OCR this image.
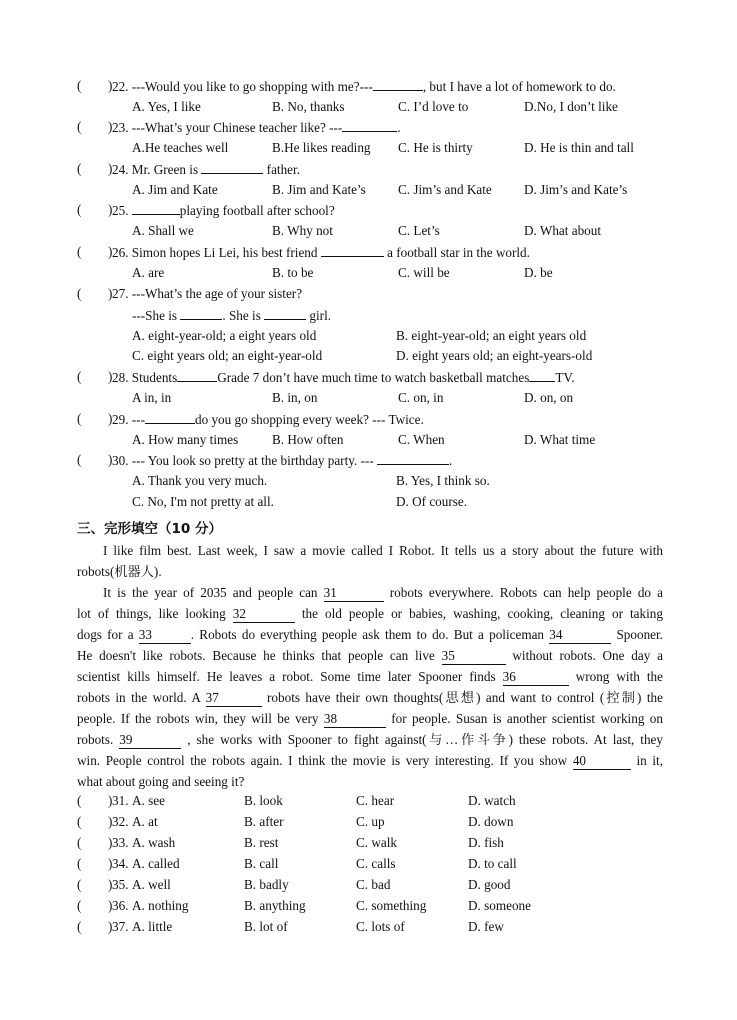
( ) 22. ---Would you like to go shopping with me?---	, but I have a lot of homework to do.
A. Yes, I like	B. No, thanks	C. I’d love to	D.No, I don’t like
( ) 23. ---What’s your Chinese teacher like? ---	.
A.He teaches well	B.He likes reading C. He is thirty	D. He is thin and tall
( ) 24. Mr. Green is	father.
A. Jim and Kate	B. Jim and Kate’s C. Jim’s and Kate D. Jim’s and Kate’s
( ) 25.	playing football after school?
A. Shall we	B. Why not	C. Let’s	D. What about
( ) 26. Simon hopes Li Lei, his best friend	a football star in the world.
A. are	B. to be	C. will be	D. be
( ) 27. ---What’s the age of your sister?
---She is	. She is	girl.
A. eight-year-old; a eight years old	B. eight-year-old; an eight years old
C. eight years old; an eight-year-old	D. eight years old; an eight-years-old
( ) 28. Students	Grade 7 don’t have much time to watch basketball matches TV.
A in, in	B. in, on	C. on, in	D. on, on
( ) 29. ---	do you go shopping every week? --- Twice.
A. How many times	B. How often	C. When	D. What time
( ) 30. --- You look so pretty at the birthday party. ---	.
A. Thank you very much.	B. Yes, I think so.
C. No, I'm not pretty at all.	D. Of course.
三、完形填空（10 分）
I like film best. Last week, I saw a movie called I Robot. It tells us a story about the future with
robots(机器人).
It is the year of 2035 and people can 31	robots everywhere. Robots can help people do a
lot of things, like looking 32	the old people or babies, washing, cooking, cleaning or taking
dogs for a 33	. Robots do everything people ask them to do. But a policeman 34	Spooner.
He doesn't like robots. Because he thinks that people can live 35	without robots. One day a
scientist kills himself. He leaves a robot. Some time later Spooner finds 36	wrong with the
robots in the world. A 37	robots have their own thoughts(思想) and want to control (控制) the
people. If the robots win, they will be very 38	for people. Susan is another scientist working on
robots. 39	, she works with Spooner to fight against(与…作斗争) these robots. At last, they
win. People control the robots again. I think the movie is very interesting. If you show 40	in it,
what about going and seeing it?
( ) 31. A. see	B. look	C. hear	D. watch
( ) 32. A. at	B. after	C. up	D. down
( ) 33. A. wash	B. rest	C. walk	D. fish
( ) 34. A. called	B. call	C. calls	D. to call
( ) 35. A. well	B. badly	C. bad	D. good
( ) 36. A. nothing	B. anything	C. something	D. someone
( ) 37. A. little	B. lot of	C. lots of	D. few
